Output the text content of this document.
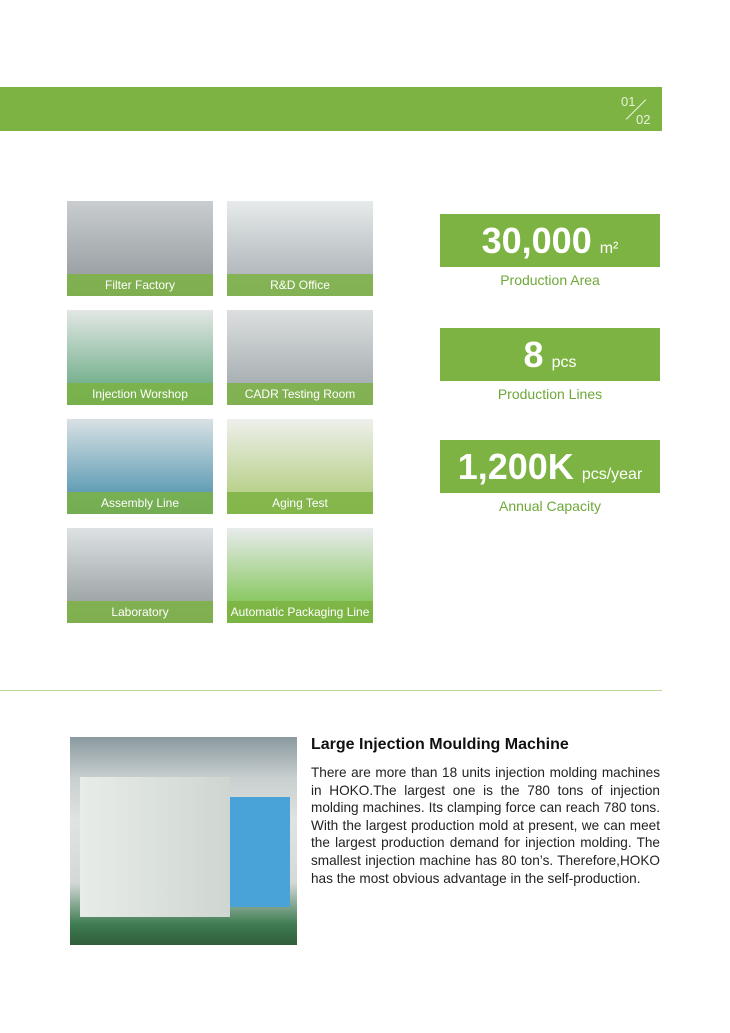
01
02
Filter Factory	R&D Office
Injection Worshop	CADR Testing Room
Assembly Line	Aging Test
Laboratory	Automatic Packaging Line
30,000 m²
Production Area
8 pcs
Production Lines
1,200K pcs/year
Annual Capacity
Large Injection Moulding Machine

There are more than 18 units injection molding machines in HOKO.The largest one is the 780 tons of injection molding machines. Its clamping force can reach 780 tons. With the largest production mold at present, we can meet the largest production demand for injection molding. The smallest injection machine has 80 ton’s. Therefore,HOKO has the most obvious advantage in the self-production.
